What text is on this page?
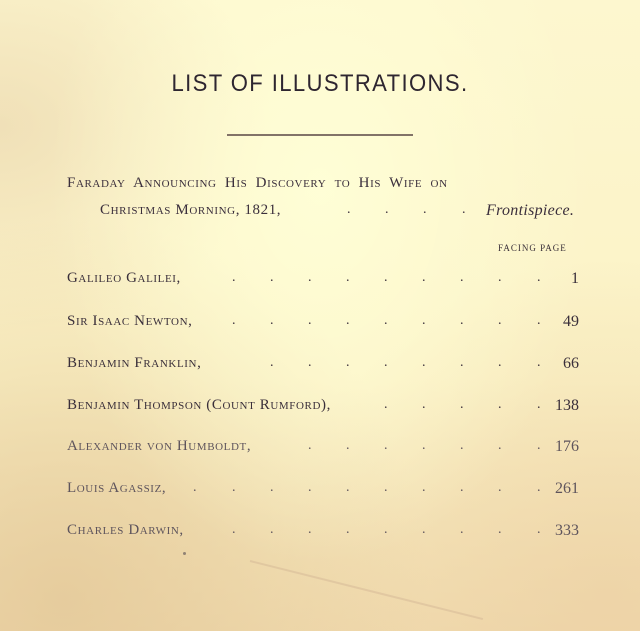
LIST OF ILLUSTRATIONS.
Faraday Announcing His Discovery to His Wife on
Christmas Morning, 1821,	. . .	. Frontispiece.
FACING PAGE
Galileo Galilei,	. . . . . . . .	. 1
Sir Isaac Newton,	. . . . . . . .	. 49
Benjamin Franklin,	. . . . . . .	. 66
Benjamin Thompson (Count Rumford),	. . . .	. 138
Alexander von Humboldt,	. . . . . .	. 176
Louis Agassiz, .	. . . . . . . .	. 261
Charles Darwin,	. . . . . . . .	. 333
